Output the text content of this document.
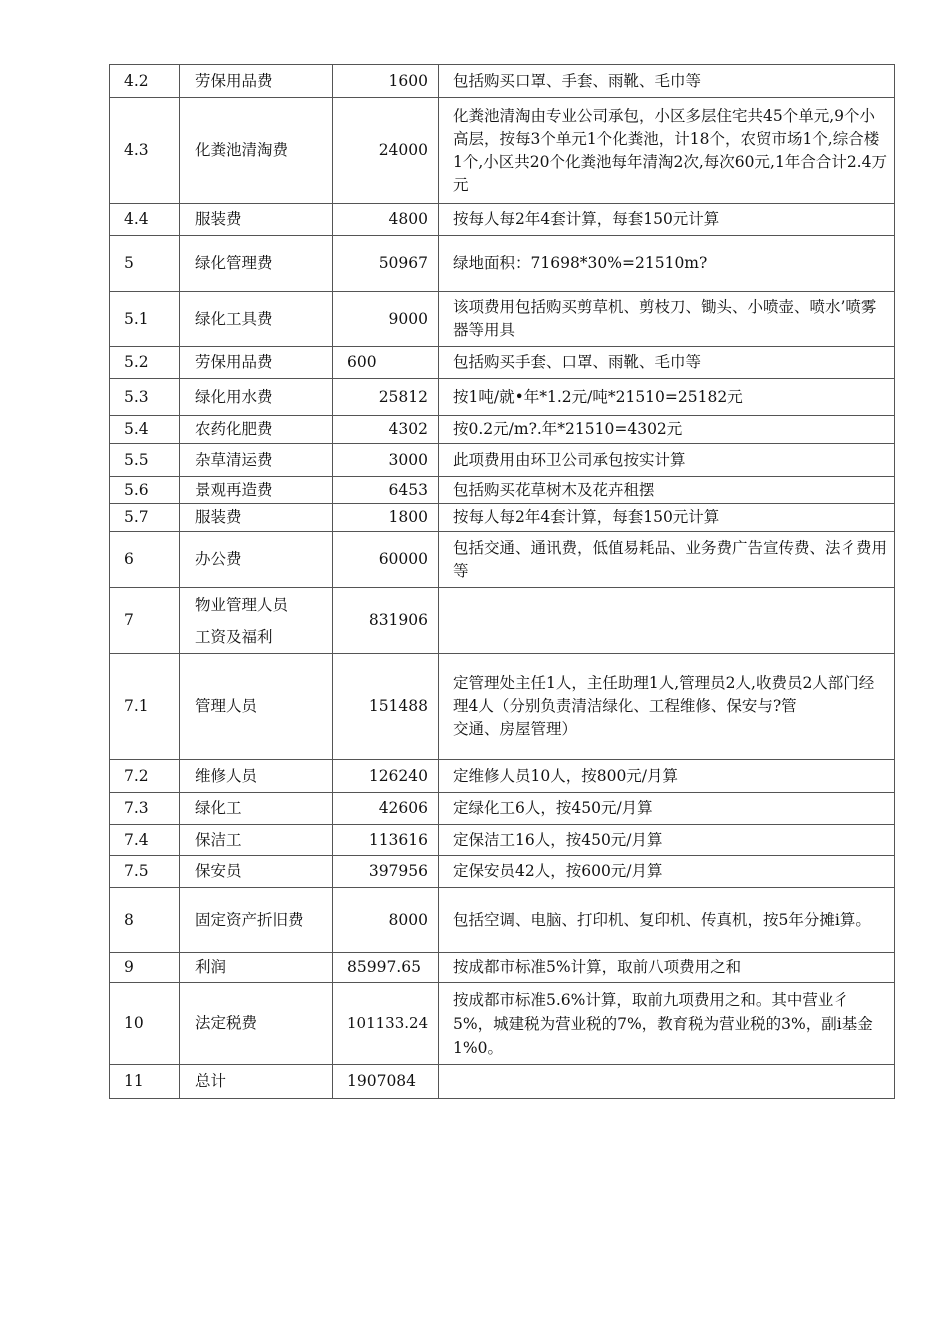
4.2	劳保用品费	1600	包括购买口罩、手套、雨靴、毛巾等
4.3	化粪池清淘费	24000	化粪池清淘由专业公司承包，小区多层住宅共45个单元,9个小高层，按每3个单元1个化粪池，计18个，农贸市场1个,综合楼1个,小区共20个化粪池每年清淘2次,每次60元,1年合合计2.4万元
4.4	服装费	4800	按每人每2年4套计算，每套150元计算
5	绿化管理费	50967	绿地面积：71698*30%=21510m?
5.1	绿化工具费	9000	该项费用包括购买剪草机、剪枝刀、锄头、小喷壶、喷水’喷雾器等用具
5.2	劳保用品费	600	包括购买手套、口罩、雨靴、毛巾等
5.3	绿化用水费	25812	按1吨/就•年*1.2元/吨*21510=25182元
5.4	农药化肥费	4302	按0.2元/m?.年*21510=4302元
5.5	杂草清运费	3000	此项费用由环卫公司承包按实计算
5.6	景观再造费	6453	包括购买花草树木及花卉租摆
5.7	服装费	1800	按每人每2年4套计算，每套150元计算
6	办公费	60000	包括交通、通讯费，低值易耗品、业务费广告宣传费、法彳费用等
7	物业管理人员工资及福利	831906	
7.1	管理人员	151488	定管理处主任1人，主任助理1人,管理员2人,收费员2人部门经理4人（分别负责清洁绿化、工程维修、保安与?管
交通、房屋管理）

7.2	维修人员	126240	定维修人员10人，按800元/月算
7.3	绿化工	42606	定绿化工6人，按450元/月算
7.4	保洁工	113616	定保洁工16人，按450元/月算
7.5	保安员	397956	定保安员42人，按600元/月算
8	固定资产折旧费	8000	包括空调、电脑、打印机、复印机、传真机，按5年分摊i算。
9	利润	85997.65	按成都市标准5%计算，取前八项费用之和
10	法定税费	101133.24	按成都市标准5.6%计算，取前九项费用之和。其中营业彳5%，城建税为营业税的7%，教育税为营业税的3%，副i基金1%0。
11	总计	1907084	
